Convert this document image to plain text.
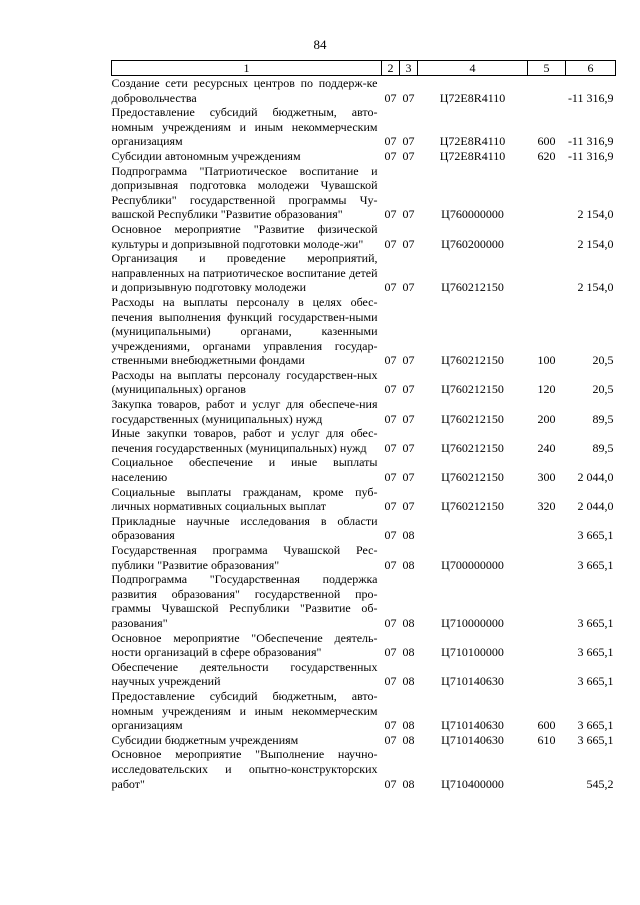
84
1	2	3	4	5	6
Создание сети ресурсных центров по поддерж-ке добровольчества	07	07	Ц72Е8R4110		-11 316,9
Предоставление субсидий бюджетным, авто-номным учреждениям и иным некоммерческим организациям	07	07	Ц72Е8R4110	600	-11 316,9
Субсидии автономным учреждениям	07	07	Ц72Е8R4110	620	-11 316,9
Подпрограмма "Патриотическое воспитание и допризывная подготовка молодежи Чувашской Республики" государственной программы Чу-вашской Республики "Развитие образования"	07	07	Ц760000000		2 154,0
Основное мероприятие "Развитие физической культуры и допризывной подготовки молоде-жи"	07	07	Ц760200000		2 154,0
Организация и проведение мероприятий, направленных на патриотическое воспитание детей и допризывную подготовку молодежи	07	07	Ц760212150		2 154,0
Расходы на выплаты персоналу в целях обес-печения выполнения функций государствен-ными (муниципальными) органами, казенными учреждениями, органами управления государ-ственными внебюджетными фондами	07	07	Ц760212150	100	20,5
Расходы на выплаты персоналу государствен-ных (муниципальных) органов	07	07	Ц760212150	120	20,5
Закупка товаров, работ и услуг для обеспече-ния государственных (муниципальных) нужд	07	07	Ц760212150	200	89,5
Иные закупки товаров, работ и услуг для обес-печения государственных (муниципальных) нужд	07	07	Ц760212150	240	89,5
Социальное обеспечение и иные выплаты населению	07	07	Ц760212150	300	2 044,0
Социальные выплаты гражданам, кроме пуб-личных нормативных социальных выплат	07	07	Ц760212150	320	2 044,0
Прикладные научные исследования в области образования	07	08			3 665,1
Государственная программа Чувашской Рес-публики "Развитие образования"	07	08	Ц700000000		3 665,1
Подпрограмма "Государственная поддержка развития образования" государственной про-граммы Чувашской Республики "Развитие об-разования"	07	08	Ц710000000		3 665,1
Основное мероприятие "Обеспечение деятель-ности организаций в сфере образования"	07	08	Ц710100000		3 665,1
Обеспечение деятельности государственных научных учреждений	07	08	Ц710140630		3 665,1
Предоставление субсидий бюджетным, авто-номным учреждениям и иным некоммерческим организациям	07	08	Ц710140630	600	3 665,1
Субсидии бюджетным учреждениям	07	08	Ц710140630	610	3 665,1
Основное мероприятие "Выполнение научно-исследовательских и опытно-конструкторских работ"	07	08	Ц710400000		545,2
